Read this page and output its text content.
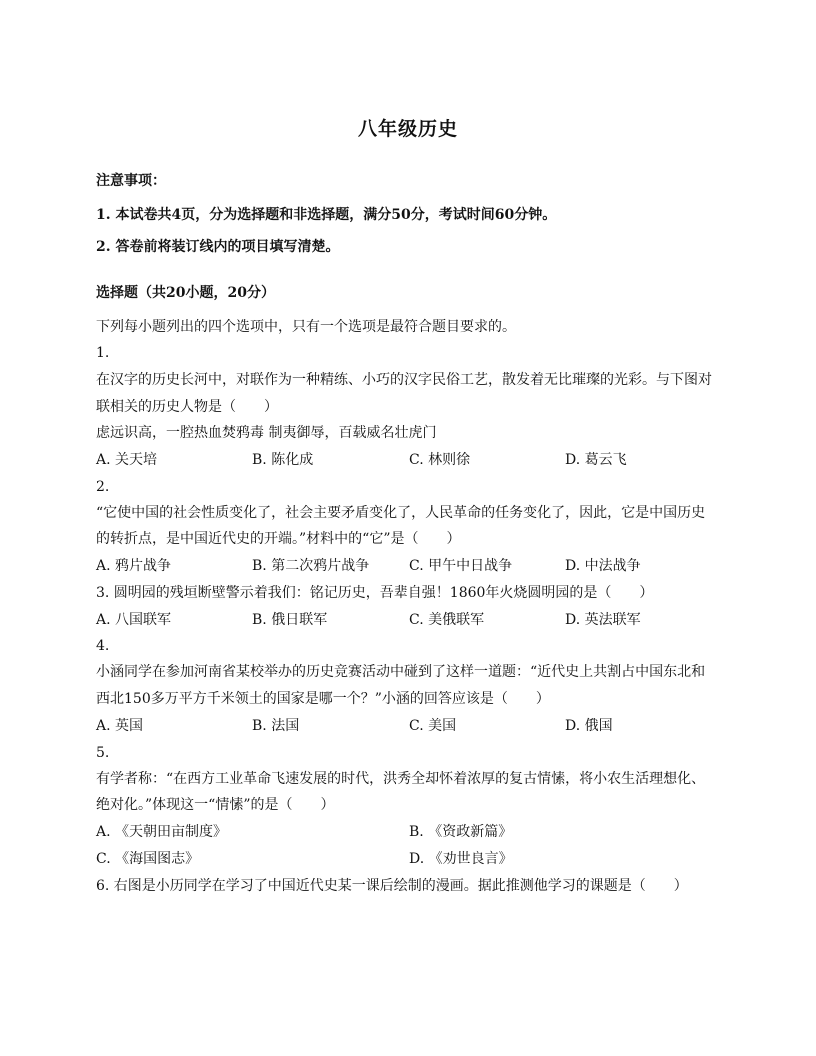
八年级历史
注意事项：
1. 本试卷共4页，分为选择题和非选择题，满分50分，考试时间60分钟。
2. 答卷前将装订线内的项目填写清楚。
选择题（共20小题，20分）
下列每小题列出的四个选项中，只有一个选项是最符合题目要求的。
1.
在汉字的历史长河中，对联作为一种精练、小巧的汉字民俗工艺，散发着无比璀璨的光彩。与下图对
联相关的历史人物是（　　）
虑远识高，一腔热血焚鸦毒 制夷御辱，百载威名壮虎门
A. 关天培	B. 陈化成	C. 林则徐	D. 葛云飞
2.
“它使中国的社会性质变化了，社会主要矛盾变化了，人民革命的任务变化了，因此，它是中国历史
的转折点，是中国近代史的开端。”材料中的“它”是（　　）
A. 鸦片战争	B. 第二次鸦片战争	C. 甲午中日战争	D. 中法战争
3. 圆明园的残垣断壁警示着我们：铭记历史，吾辈自强！1860年火烧圆明园的是（　　）
A. 八国联军	B. 俄日联军	C. 美俄联军	D. 英法联军
4.
小涵同学在参加河南省某校举办的历史竞赛活动中碰到了这样一道题：“近代史上共割占中国东北和
西北150多万平方千米领土的国家是哪一个？”小涵的回答应该是（　　）
A. 英国	B. 法国	C. 美国	D. 俄国
5.
有学者称：“在西方工业革命飞速发展的时代，洪秀全却怀着浓厚的复古情愫，将小农生活理想化、
绝对化。”体现这一“情愫”的是（　　）
A. 《天朝田亩制度》	B. 《资政新篇》
C. 《海国图志》	D. 《劝世良言》
6. 右图是小历同学在学习了中国近代史某一课后绘制的漫画。据此推测他学习的课题是（　　）
